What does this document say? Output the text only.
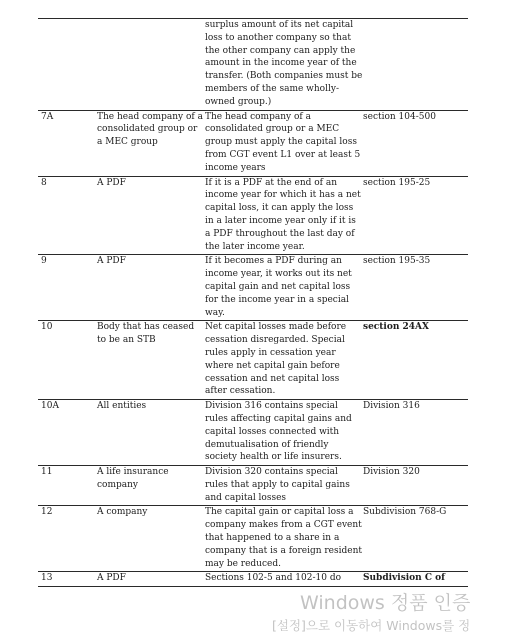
		surplus amount of its net capital loss to another company so that the other company can apply the amount in the income year of the transfer. (Both companies must be members of the same wholly-owned group.)	
7A	The head company of a consolidated group or a MEC group	The head company of a consolidated group or a MEC group must apply the capital loss from CGT event L1 over at least 5 income years	section 104-500
8	A PDF	If it is a PDF at the end of an income year for which it has a net capital loss, it can apply the loss in a later income year only if it is a PDF throughout the last day of the later income year.	section 195-25
9	A PDF	If it becomes a PDF during an income year, it works out its net capital gain and net capital loss for the income year in a special way.	section 195-35
10	Body that has ceased to be an STB	Net capital losses made before cessation disregarded. Special rules apply in cessation year where net capital gain before cessation and net capital loss after cessation.	section 24AX
10A	All entities	Division 316 contains special rules affecting capital gains and capital losses connected with demutualisation of friendly society health or life insurers.	Division 316
11	A life insurance company	Division 320 contains special rules that apply to capital gains and capital losses	Division 320
12	A company	The capital gain or capital loss a company makes from a CGT event that happened to a share in a company that is a foreign resident may be reduced.	Subdivision 768-G
13	A PDF	Sections 102-5 and 102-10 do	Subdivision C of
Windows 정품 인증
[설정]으로 이동하여 Windows를 정
